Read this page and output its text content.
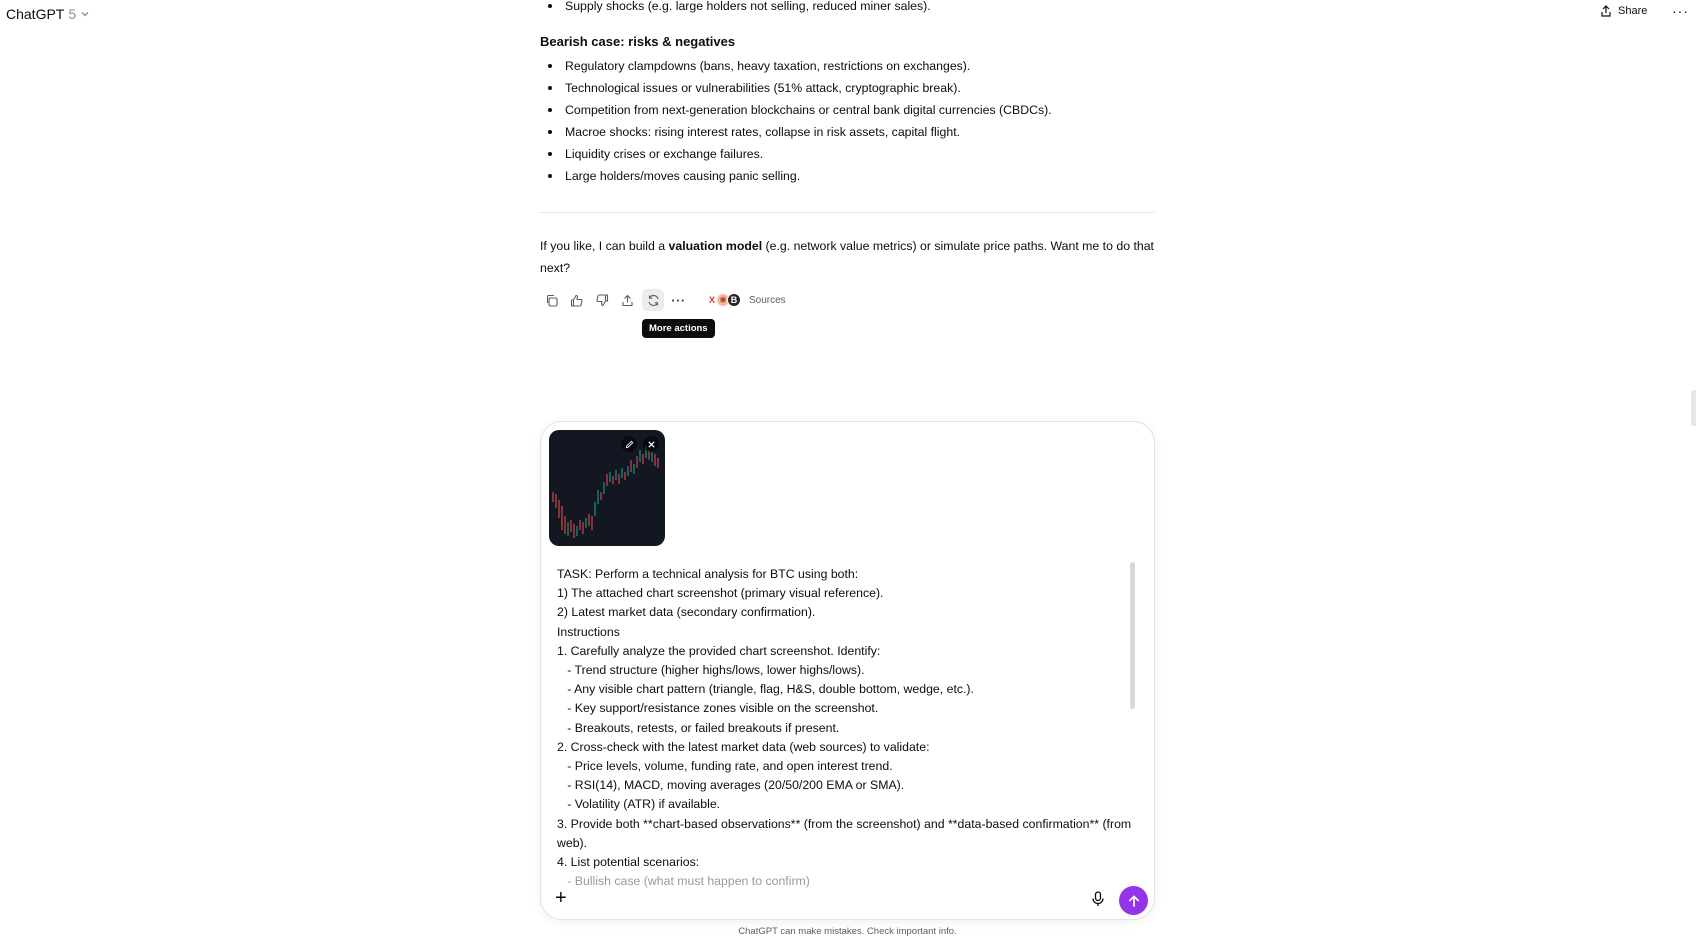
ChatGPT 5	Share ···
Supply shocks (e.g. large holders not selling, reduced miner sales).

Bearish case: risks & negatives

Regulatory clampdowns (bans, heavy taxation, restrictions on exchanges).
Technological issues or vulnerabilities (51% attack, cryptographic break).
Competition from next-generation blockchains or central bank digital currencies (CBDCs).
Macroe shocks: rising interest rates, collapse in risk assets, capital flight.
Liquidity crises or exchange failures.
Large holders/moves causing panic selling.

If you like, I can build a valuation model (e.g. network value metrics) or simulate price paths. Want me to do that next?

···	X ✺ B	Sources
More actions

TASK: Perform a technical analysis for BTC using both:

1) The attached chart screenshot (primary visual reference).

2) Latest market data (secondary confirmation).

Instructions

1. Carefully analyze the provided chart screenshot. Identify:

- Trend structure (higher highs/lows, lower highs/lows).

- Any visible chart pattern (triangle, flag, H&S, double bottom, wedge, etc.).

- Key support/resistance zones visible on the screenshot.

- Breakouts, retests, or failed breakouts if present.

2. Cross-check with the latest market data (web sources) to validate:

- Price levels, volume, funding rate, and open interest trend.

- RSI(14), MACD, moving averages (20/50/200 EMA or SMA).

- Volatility (ATR) if available.

3. Provide both **chart-based observations** (from the screenshot) and **data-based confirmation** (from web).

4. List potential scenarios:

- Bullish case (what must happen to confirm)

+
ChatGPT can make mistakes. Check important info.
